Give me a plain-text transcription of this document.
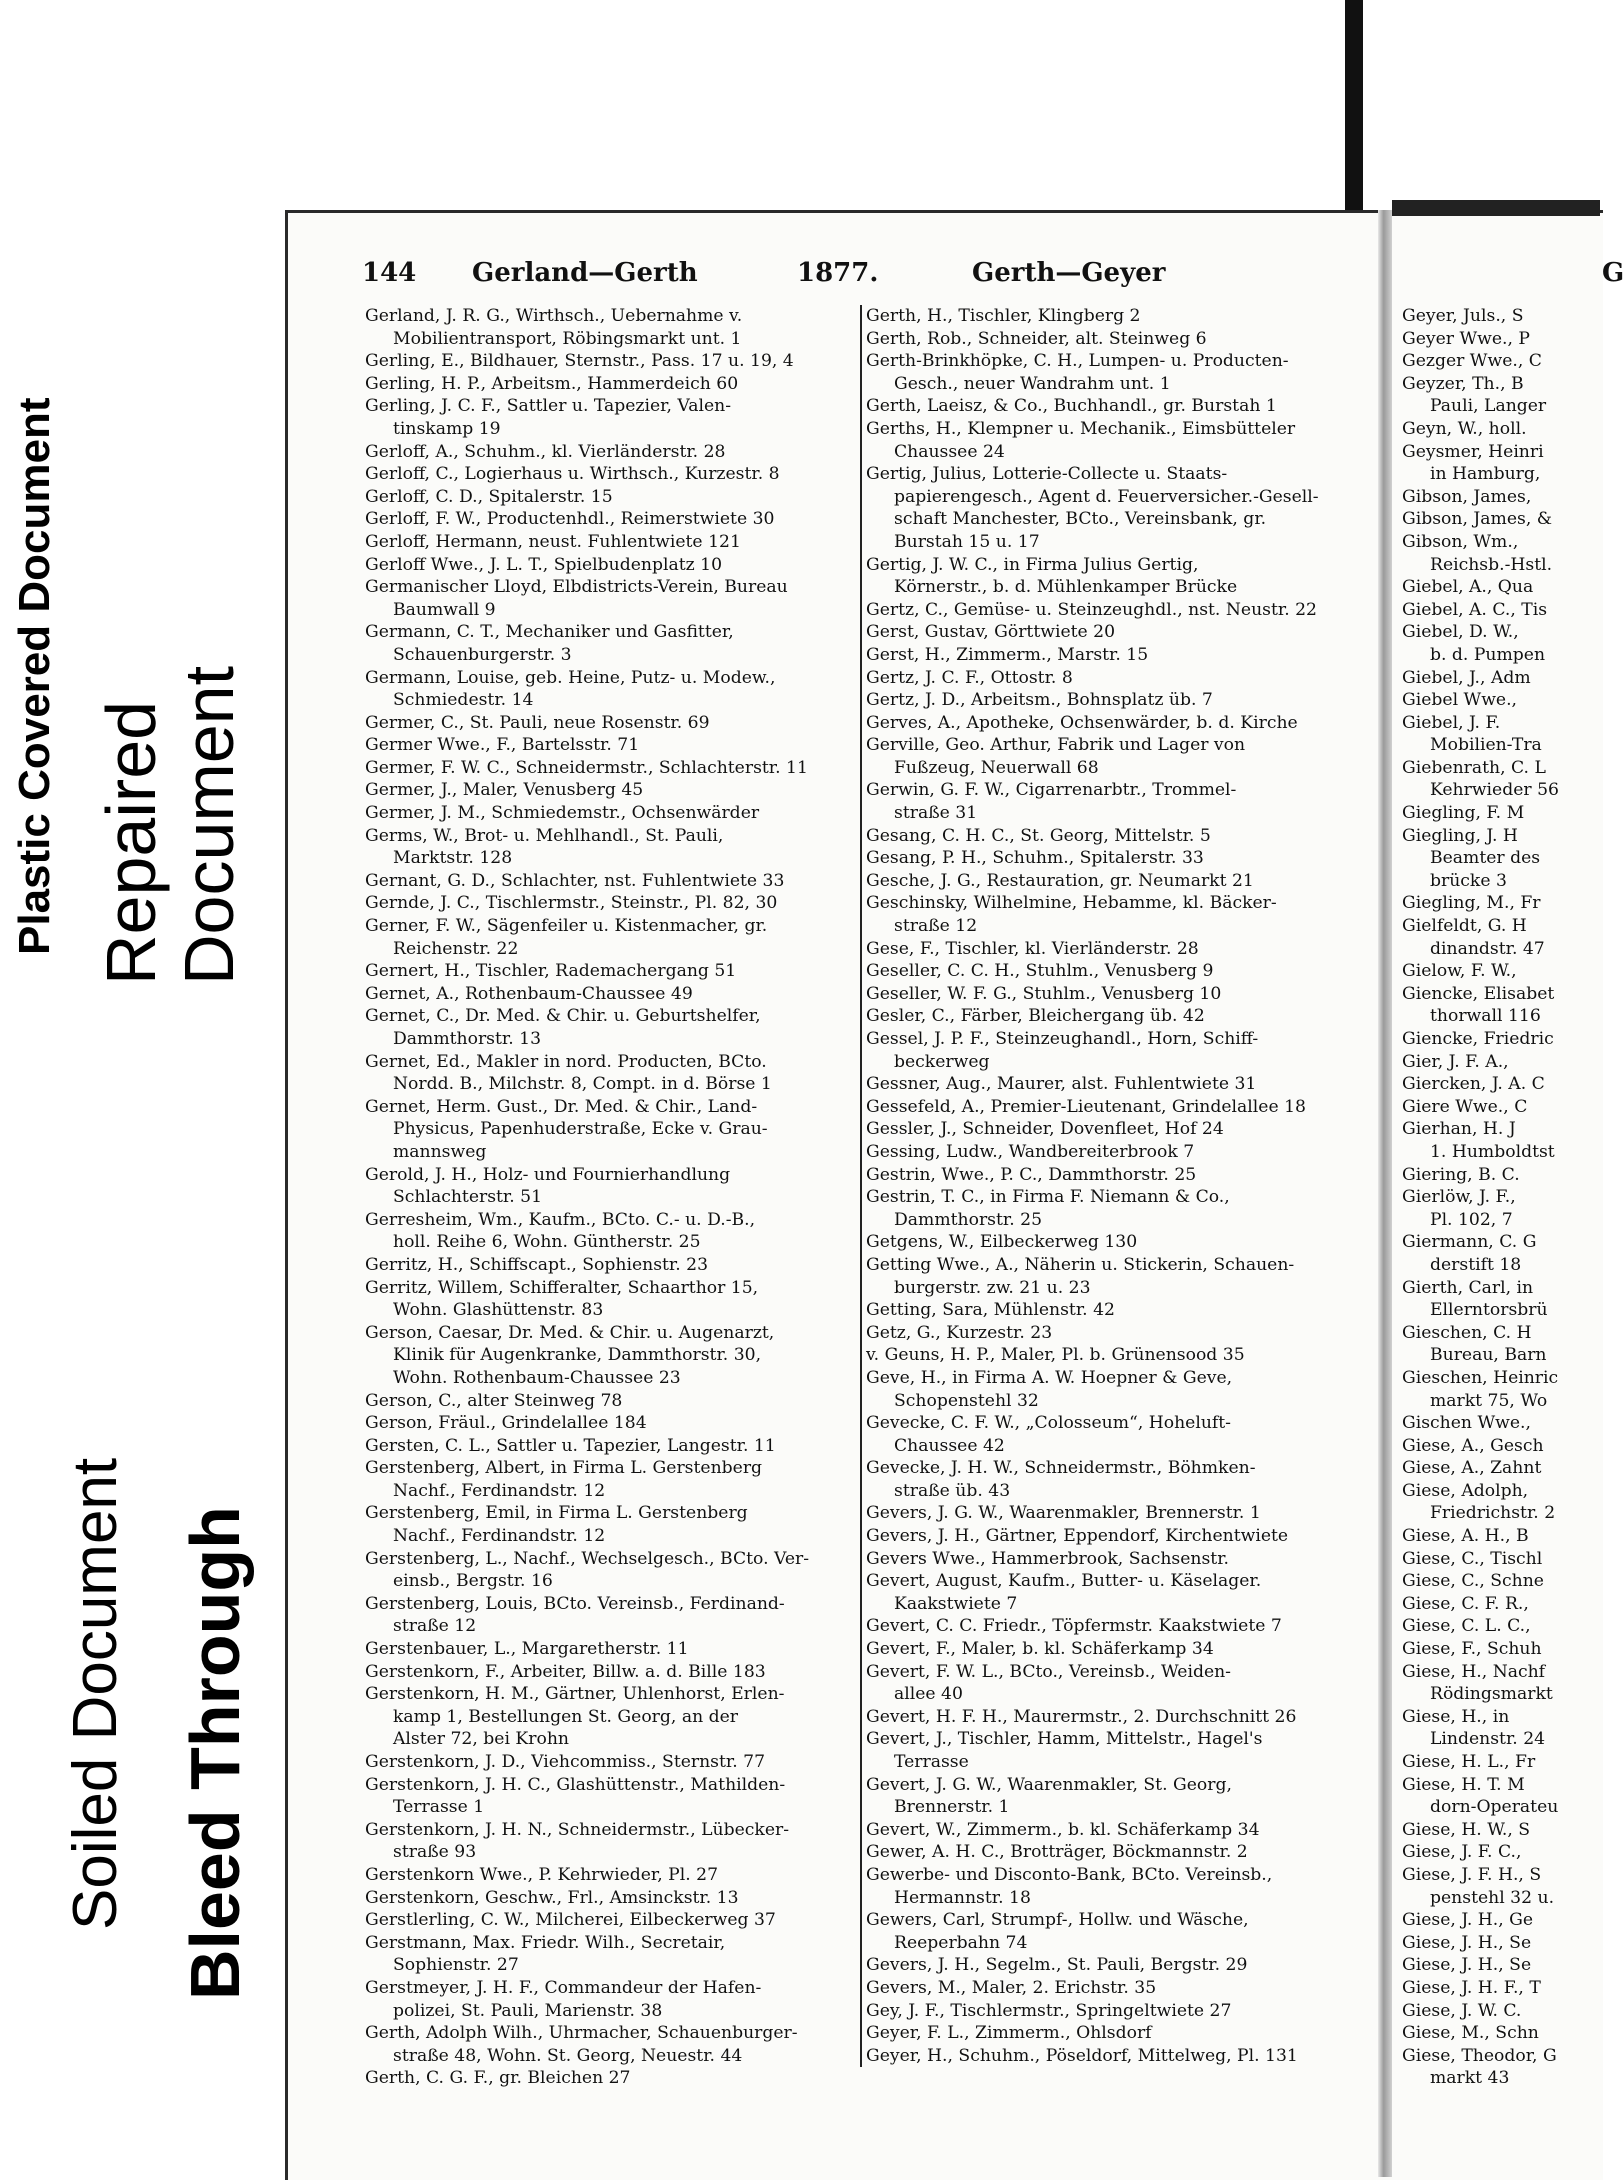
Plastic Covered Document Repaired Document
Soiled Document Bleed Through
144 Gerland—Gerth	1877.	Gerth—Geyer	G
Gerland, J. R. G., Wirthsch., Uebernahme v.
Mobilientransport, Röbingsmarkt unt. 1
Gerling, E., Bildhauer, Sternstr., Pass. 17 u. 19, 4
Gerling, H. P., Arbeitsm., Hammerdeich 60
Gerling, J. C. F., Sattler u. Tapezier, Valen-
tinskamp 19
Gerloff, A., Schuhm., kl. Vierländerstr. 28
Gerloff, C., Logierhaus u. Wirthsch., Kurzestr. 8
Gerloff, C. D., Spitalerstr. 15
Gerloff, F. W., Productenhdl., Reimerstwiete 30
Gerloff, Hermann, neust. Fuhlentwiete 121
Gerloff Wwe., J. L. T., Spielbudenplatz 10
Germanischer Lloyd, Elbdistricts-Verein, Bureau
Baumwall 9
Germann, C. T., Mechaniker und Gasfitter,
Schauenburgerstr. 3
Germann, Louise, geb. Heine, Putz- u. Modew.,
Schmiedestr. 14
Germer, C., St. Pauli, neue Rosenstr. 69
Germer Wwe., F., Bartelsstr. 71
Germer, F. W. C., Schneidermstr., Schlachterstr. 11
Germer, J., Maler, Venusberg 45
Germer, J. M., Schmiedemstr., Ochsenwärder
Germs, W., Brot- u. Mehlhandl., St. Pauli,
Marktstr. 128
Gernant, G. D., Schlachter, nst. Fuhlentwiete 33
Gernde, J. C., Tischlermstr., Steinstr., Pl. 82, 30
Gerner, F. W., Sägenfeiler u. Kistenmacher, gr.
Reichenstr. 22
Gernert, H., Tischler, Rademachergang 51
Gernet, A., Rothenbaum-Chaussee 49
Gernet, C., Dr. Med. & Chir. u. Geburtshelfer,
Dammthorstr. 13
Gernet, Ed., Makler in nord. Producten, BCto.
Nordd. B., Milchstr. 8, Compt. in d. Börse 1
Gernet, Herm. Gust., Dr. Med. & Chir., Land-
Physicus, Papenhuderstraße, Ecke v. Grau-
mannsweg
Gerold, J. H., Holz- und Fournierhandlung
Schlachterstr. 51
Gerresheim, Wm., Kaufm., BCto. C.- u. D.-B.,
holl. Reihe 6, Wohn. Güntherstr. 25
Gerritz, H., Schiffscapt., Sophienstr. 23
Gerritz, Willem, Schifferalter, Schaarthor 15,
Wohn. Glashüttenstr. 83
Gerson, Caesar, Dr. Med. & Chir. u. Augenarzt,
Klinik für Augenkranke, Dammthorstr. 30,
Wohn. Rothenbaum-Chaussee 23
Gerson, C., alter Steinweg 78
Gerson, Fräul., Grindelallee 184
Gersten, C. L., Sattler u. Tapezier, Langestr. 11
Gerstenberg, Albert, in Firma L. Gerstenberg
Nachf., Ferdinandstr. 12
Gerstenberg, Emil, in Firma L. Gerstenberg
Nachf., Ferdinandstr. 12
Gerstenberg, L., Nachf., Wechselgesch., BCto. Ver-
einsb., Bergstr. 16
Gerstenberg, Louis, BCto. Vereinsb., Ferdinand-
straße 12
Gerstenbauer, L., Margaretherstr. 11
Gerstenkorn, F., Arbeiter, Billw. a. d. Bille 183
Gerstenkorn, H. M., Gärtner, Uhlenhorst, Erlen-
kamp 1, Bestellungen St. Georg, an der
Alster 72, bei Krohn
Gerstenkorn, J. D., Viehcommiss., Sternstr. 77
Gerstenkorn, J. H. C., Glashüttenstr., Mathilden-
Terrasse 1
Gerstenkorn, J. H. N., Schneidermstr., Lübecker-
straße 93
Gerstenkorn Wwe., P. Kehrwieder, Pl. 27
Gerstenkorn, Geschw., Frl., Amsinckstr. 13
Gerstlerling, C. W., Milcherei, Eilbeckerweg 37
Gerstmann, Max. Friedr. Wilh., Secretair,
Sophienstr. 27
Gerstmeyer, J. H. F., Commandeur der Hafen-
polizei, St. Pauli, Marienstr. 38
Gerth, Adolph Wilh., Uhrmacher, Schauenburger-
straße 48, Wohn. St. Georg, Neuestr. 44
Gerth, C. G. F., gr. Bleichen 27
Gerth, H., Tischler, Klingberg 2
Gerth, Rob., Schneider, alt. Steinweg 6
Gerth-Brinkhöpke, C. H., Lumpen- u. Producten-
Gesch., neuer Wandrahm unt. 1
Gerth, Laeisz, & Co., Buchhandl., gr. Burstah 1
Gerths, H., Klempner u. Mechanik., Eimsbütteler
Chaussee 24
Gertig, Julius, Lotterie-Collecte u. Staats-
papierengesch., Agent d. Feuerversicher.-Gesell-
schaft Manchester, BCto., Vereinsbank, gr.
Burstah 15 u. 17
Gertig, J. W. C., in Firma Julius Gertig,
Körnerstr., b. d. Mühlenkamper Brücke
Gertz, C., Gemüse- u. Steinzeughdl., nst. Neustr. 22
Gerst, Gustav, Görttwiete 20
Gerst, H., Zimmerm., Marstr. 15
Gertz, J. C. F., Ottostr. 8
Gertz, J. D., Arbeitsm., Bohnsplatz üb. 7
Gerves, A., Apotheke, Ochsenwärder, b. d. Kirche
Gerville, Geo. Arthur, Fabrik und Lager von
Fußzeug, Neuerwall 68
Gerwin, G. F. W., Cigarrenarbtr., Trommel-
straße 31
Gesang, C. H. C., St. Georg, Mittelstr. 5
Gesang, P. H., Schuhm., Spitalerstr. 33
Gesche, J. G., Restauration, gr. Neumarkt 21
Geschinsky, Wilhelmine, Hebamme, kl. Bäcker-
straße 12
Gese, F., Tischler, kl. Vierländerstr. 28
Geseller, C. C. H., Stuhlm., Venusberg 9
Geseller, W. F. G., Stuhlm., Venusberg 10
Gesler, C., Färber, Bleichergang üb. 42
Gessel, J. P. F., Steinzeughandl., Horn, Schiff-
beckerweg
Gessner, Aug., Maurer, alst. Fuhlentwiete 31
Gessefeld, A., Premier-Lieutenant, Grindelallee 18
Gessler, J., Schneider, Dovenfleet, Hof 24
Gessing, Ludw., Wandbereiterbrook 7
Gestrin, Wwe., P. C., Dammthorstr. 25
Gestrin, T. C., in Firma F. Niemann & Co.,
Dammthorstr. 25
Getgens, W., Eilbeckerweg 130
Getting Wwe., A., Näherin u. Stickerin, Schauen-
burgerstr. zw. 21 u. 23
Getting, Sara, Mühlenstr. 42
Getz, G., Kurzestr. 23
v. Geuns, H. P., Maler, Pl. b. Grünensood 35
Geve, H., in Firma A. W. Hoepner & Geve,
Schopenstehl 32
Gevecke, C. F. W., „Colosseum“, Hoheluft-
Chaussee 42
Gevecke, J. H. W., Schneidermstr., Böhmken-
straße üb. 43
Gevers, J. G. W., Waarenmakler, Brennerstr. 1
Gevers, J. H., Gärtner, Eppendorf, Kirchentwiete
Gevers Wwe., Hammerbrook, Sachsenstr.
Gevert, August, Kaufm., Butter- u. Käselager.
Kaakstwiete 7
Gevert, C. C. Friedr., Töpfermstr. Kaakstwiete 7
Gevert, F., Maler, b. kl. Schäferkamp 34
Gevert, F. W. L., BCto., Vereinsb., Weiden-
allee 40
Gevert, H. F. H., Maurermstr., 2. Durchschnitt 26
Gevert, J., Tischler, Hamm, Mittelstr., Hagel's
Terrasse
Gevert, J. G. W., Waarenmakler, St. Georg,
Brennerstr. 1
Gevert, W., Zimmerm., b. kl. Schäferkamp 34
Gewer, A. H. C., Brotträger, Böckmannstr. 2
Gewerbe- und Disconto-Bank, BCto. Vereinsb.,
Hermannstr. 18
Gewers, Carl, Strumpf-, Hollw. und Wäsche,
Reeperbahn 74
Gevers, J. H., Segelm., St. Pauli, Bergstr. 29
Gevers, M., Maler, 2. Erichstr. 35
Gey, J. F., Tischlermstr., Springeltwiete 27
Geyer, F. L., Zimmerm., Ohlsdorf
Geyer, H., Schuhm., Pöseldorf, Mittelweg, Pl. 131
Geyer, Juls., S
Geyer Wwe., P
Gezger Wwe., C
Geyzer, Th., B
Pauli, Langer
Geyn, W., holl.
Geysmer, Heinri
in Hamburg,
Gibson, James,
Gibson, James, &
Gibson, Wm.,
Reichsb.-Hstl.
Giebel, A., Qua
Giebel, A. C., Tis
Giebel, D. W.,
b. d. Pumpen
Giebel, J., Adm
Giebel Wwe.,
Giebel, J. F.
Mobilien-Tra
Giebenrath, C. L
Kehrwieder 56
Giegling, F. M
Giegling, J. H
Beamter des
brücke 3
Giegling, M., Fr
Gielfeldt, G. H
dinandstr. 47
Gielow, F. W.,
Giencke, Elisabet
thorwall 116
Giencke, Friedric
Gier, J. F. A.,
Giercken, J. A. C
Giere Wwe., C
Gierhan, H. J
1. Humboldtst
Giering, B. C.
Gierlöw, J. F.,
Pl. 102, 7
Giermann, C. G
derstift 18
Gierth, Carl, in
Ellerntorsbrü
Gieschen, C. H
Bureau, Barn
Gieschen, Heinric
markt 75, Wo
Gischen Wwe.,
Giese, A., Gesch
Giese, A., Zahnt
Giese, Adolph,
Friedrichstr. 2
Giese, A. H., B
Giese, C., Tischl
Giese, C., Schne
Giese, C. F. R.,
Giese, C. L. C.,
Giese, F., Schuh
Giese, H., Nachf
Rödingsmarkt
Giese, H., in
Lindenstr. 24
Giese, H. L., Fr
Giese, H. T. M
dorn-Operateu
Giese, H. W., S
Giese, J. F. C.,
Giese, J. F. H., S
penstehl 32 u.
Giese, J. H., Ge
Giese, J. H., Se
Giese, J. H., Se
Giese, J. H. F., T
Giese, J. W. C.
Giese, M., Schn
Giese, Theodor, G
markt 43
